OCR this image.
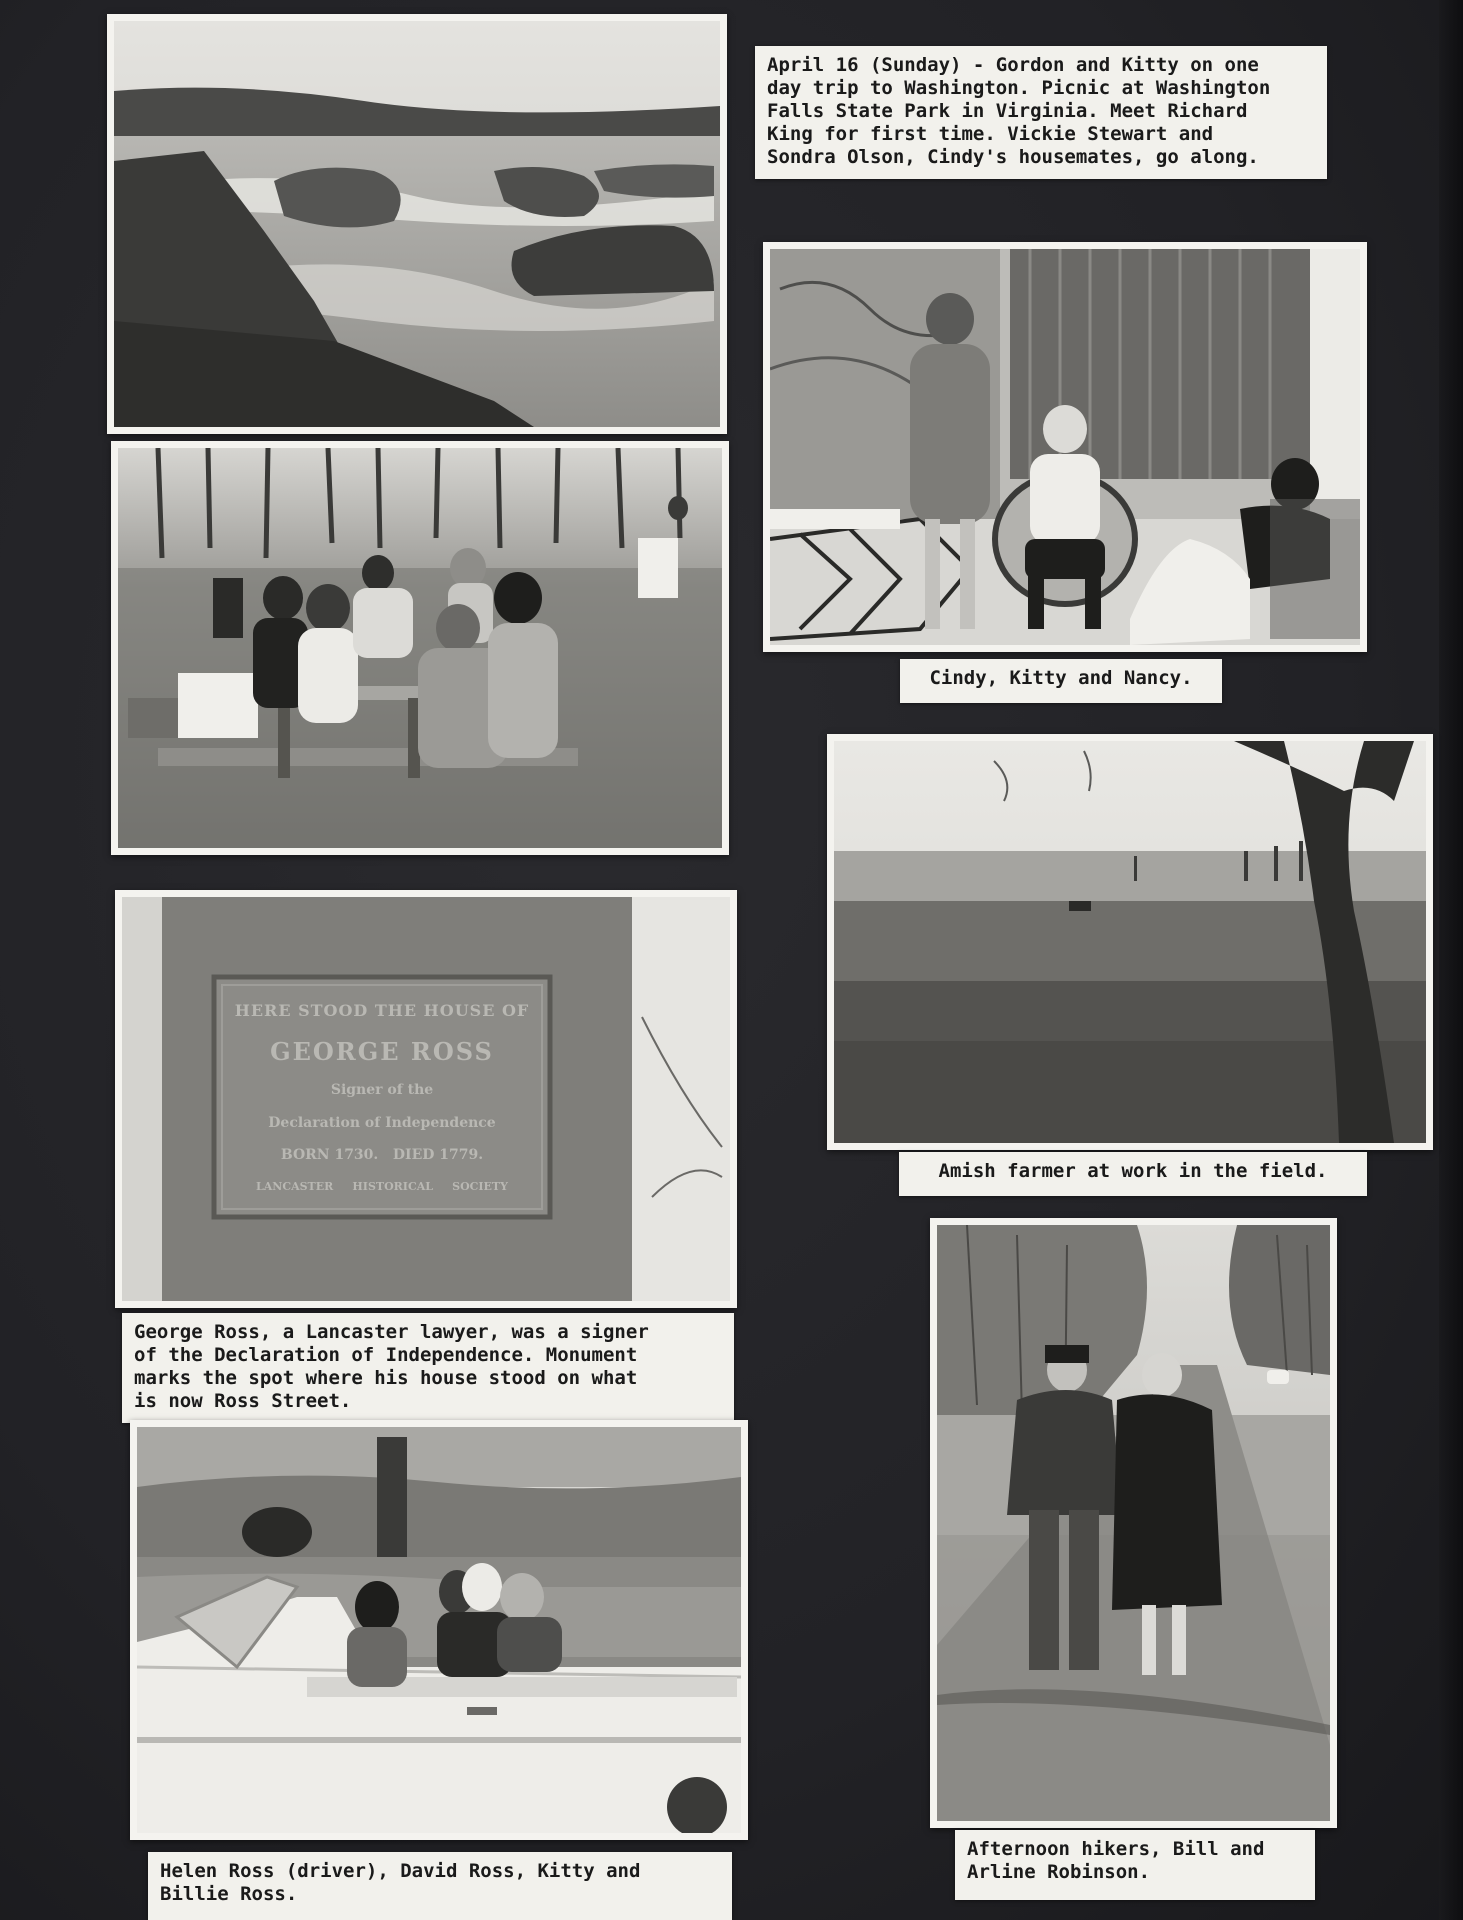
April 16 (Sunday) - Gordon and Kitty on one
day trip to Washington. Picnic at Washington
Falls State Park in Virginia. Meet Richard
King for first time. Vickie Stewart and
Sondra Olson, Cindy's housemates, go along.
Cindy, Kitty and Nancy.
HERE STOOD THE HOUSE OF
GEORGE ROSS
Signer of the
Declaration of Independence
BORN 1730.   DIED 1779.
LANCASTER     HISTORICAL     SOCIETY
George Ross, a Lancaster lawyer, was a signer
of the Declaration of Independence. Monument
marks the spot where his house stood on what
is now Ross Street.
Amish farmer at work in the field.
Helen Ross (driver), David Ross, Kitty and
Billie Ross.
Afternoon hikers, Bill and
Arline Robinson.
